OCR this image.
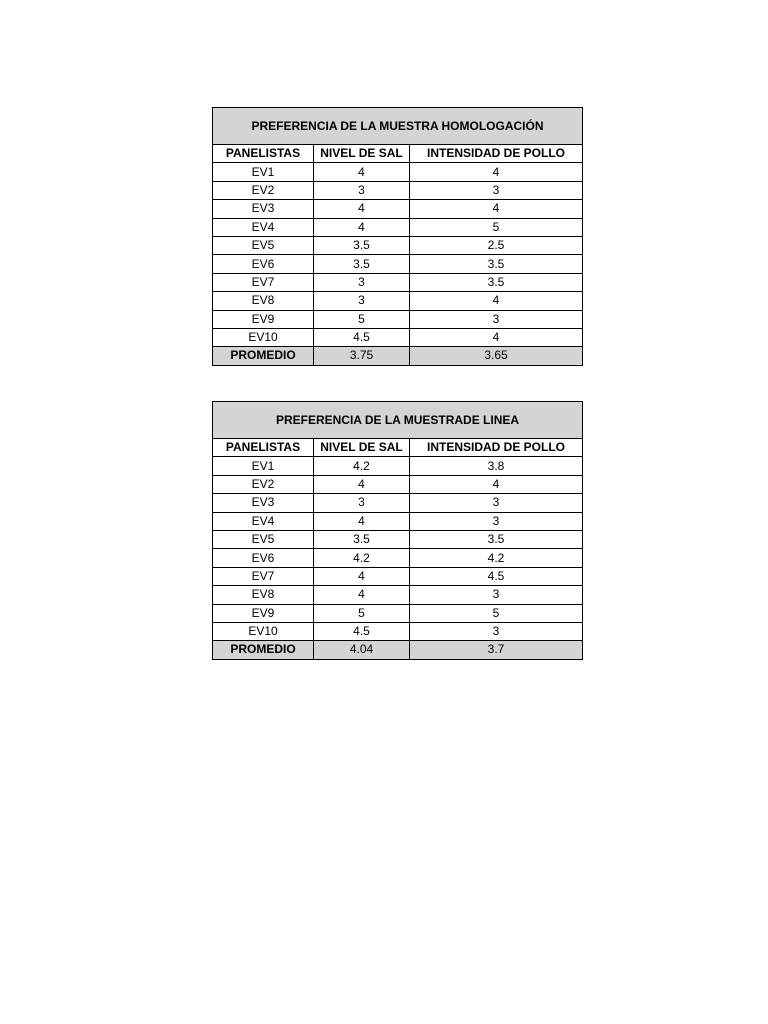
PREFERENCIA DE LA MUESTRA HOMOLOGACIÓN		
PANELISTAS	NIVEL DE SAL	INTENSIDAD DE POLLO
EV1	4	4
EV2	3	3
EV3	4	4
EV4	4	5
EV5	3.5	2.5
EV6	3.5	3.5
EV7	3	3.5
EV8	3	4
EV9	5	3
EV10	4.5	4
PROMEDIO	3.75	3.65
PREFERENCIA DE LA MUESTRADE LINEA		
PANELISTAS	NIVEL DE SAL	INTENSIDAD DE POLLO
EV1	4.2	3.8
EV2	4	4
EV3	3	3
EV4	4	3
EV5	3.5	3.5
EV6	4.2	4.2
EV7	4	4.5
EV8	4	3
EV9	5	5
EV10	4.5	3
PROMEDIO	4.04	3.7
